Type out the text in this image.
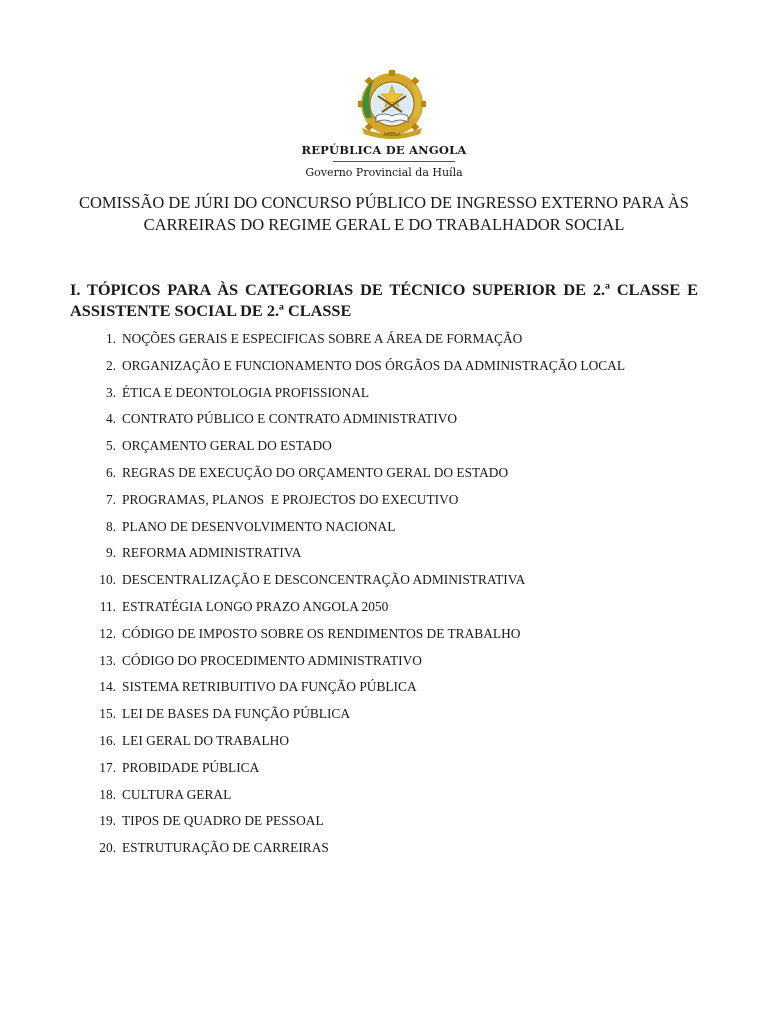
ANGOLA
REPÚBLICA DE ANGOLA
Governo Provincial da Huíla
COMISSÃO DE JÚRI DO CONCURSO PÚBLICO DE INGRESSO EXTERNO PARA ÀS
CARREIRAS DO REGIME GERAL E DO TRABALHADOR SOCIAL
I. TÓPICOS PARA ÀS CATEGORIAS DE TÉCNICO SUPERIOR DE 2.ª CLASSE E ASSISTENTE SOCIAL DE 2.ª CLASSE
1. NOÇÕES GERAIS E ESPECIFICAS SOBRE A ÁREA DE FORMAÇÃO
2. ORGANIZAÇÃO E FUNCIONAMENTO DOS ÓRGÃOS DA ADMINISTRAÇÃO LOCAL
3. ÉTICA E DEONTOLOGIA PROFISSIONAL
4. CONTRATO PÚBLICO E CONTRATO ADMINISTRATIVO
5. ORÇAMENTO GERAL DO ESTADO
6. REGRAS DE EXECUÇÃO DO ORÇAMENTO GERAL DO ESTADO
7. PROGRAMAS, PLANOS  E PROJECTOS DO EXECUTIVO
8. PLANO DE DESENVOLVIMENTO NACIONAL
9. REFORMA ADMINISTRATIVA
10. DESCENTRALIZAÇÃO E DESCONCENTRAÇÃO ADMINISTRATIVA
11. ESTRATÉGIA LONGO PRAZO ANGOLA 2050
12. CÓDIGO DE IMPOSTO SOBRE OS RENDIMENTOS DE TRABALHO
13. CÓDIGO DO PROCEDIMENTO ADMINISTRATIVO
14. SISTEMA RETRIBUITIVO DA FUNÇÃO PÚBLICA
15. LEI DE BASES DA FUNÇÃO PÚBLICA
16. LEI GERAL DO TRABALHO
17. PROBIDADE PÚBLICA
18. CULTURA GERAL
19. TIPOS DE QUADRO DE PESSOAL
20. ESTRUTURAÇÃO DE CARREIRAS
